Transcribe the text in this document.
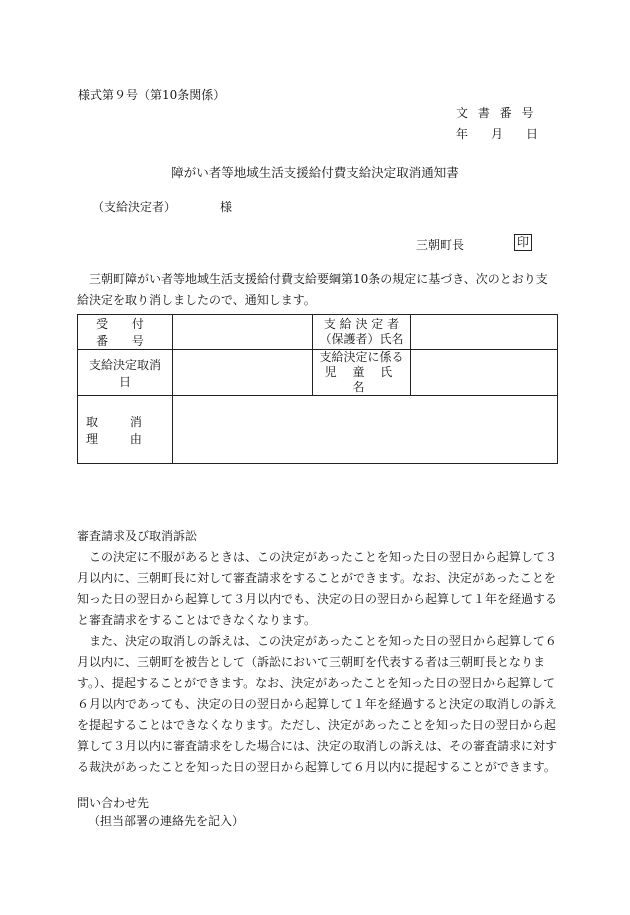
様式第９号（第10条関係）
文 書 番 号
年 月 日
障がい者等地域生活支援給付費支給決定取消通知書
（支給決定者）	様
三朝町長	印
三朝町障がい者等地域生活支援給付費支給要綱第10条の規定に基づき、次のとおり支給決定を取り消しましたので、通知します。
受 付 番 号		支 給 決 定 者
（保護者）氏名	

支給決定取消日		支給決定に係る
児 童 氏 名	

取 消 理 由			
審査請求及び取消訴訟
この決定に不服があるときは、この決定があったことを知った日の翌日から起算して３月以内に、三朝町長に対して審査請求をすることができます。なお、決定があったことを知った日の翌日から起算して３月以内でも、決定の日の翌日から起算して１年を経過すると審査請求をすることはできなくなります。
また、決定の取消しの訴えは、この決定があったことを知った日の翌日から起算して６月以内に、三朝町を被告として（訴訟において三朝町を代表する者は三朝町長となります。）、提起することができます。なお、決定があったことを知った日の翌日から起算して６月以内であっても、決定の日の翌日から起算して１年を経過すると決定の取消しの訴えを提起することはできなくなります。ただし、決定があったことを知った日の翌日から起算して３月以内に審査請求をした場合には、決定の取消しの訴えは、その審査請求に対する裁決があったことを知った日の翌日から起算して６月以内に提起することができます。
問い合わせ先
（担当部署の連絡先を記入）
